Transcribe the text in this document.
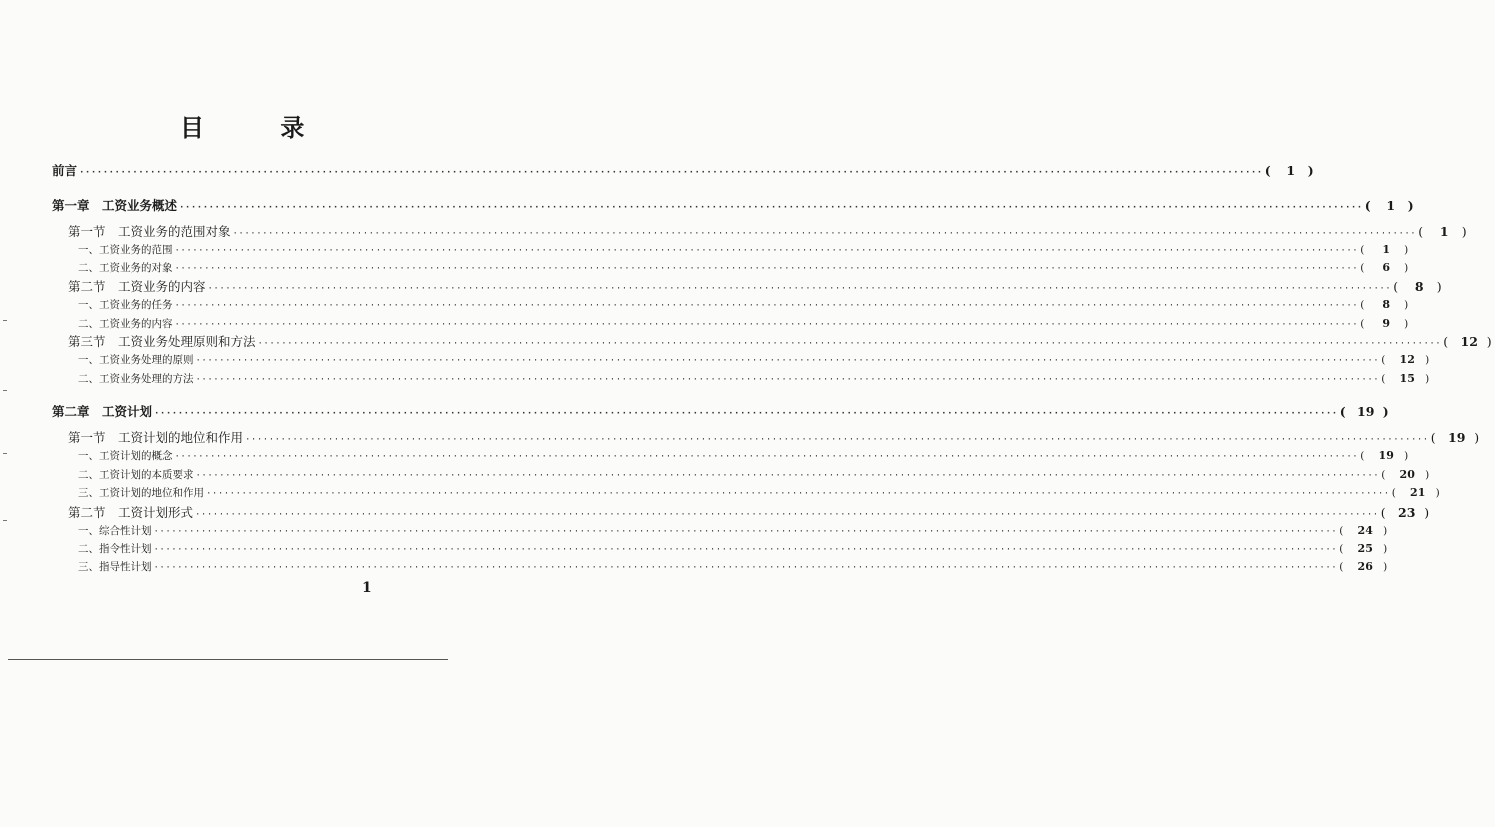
目 录
前言 ········································································································································································································ (	1	)
第一章　工资业务概述 ········································································································································································································ (	1	)
第一节　工资业务的范围对象 ········································································································································································································ (	1	)
一、工资业务的范围 ········································································································································································································ (	1	)
二、工资业务的对象 ········································································································································································································ (	6	)
第二节　工资业务的内容 ········································································································································································································ (	8	)
一、工资业务的任务 ········································································································································································································ (	8	)
二、工资业务的内容 ········································································································································································································ (	9	)
第三节　工资业务处理原则和方法 ········································································································································································································ ( 12 )
一、工资业务处理的原则 ········································································································································································································ (	12 )
二、工资业务处理的方法 ········································································································································································································ (	15 )
第二章　工资计划 ········································································································································································································ ( 19 )
第一节　工资计划的地位和作用 ········································································································································································································ ( 19 )
一、工资计划的概念 ········································································································································································································ (	19 )
二、工资计划的本质要求 ········································································································································································································ (	20 )
三、工资计划的地位和作用 ········································································································································································································ (	21 )
第二节　工资计划形式 ········································································································································································································ ( 23 )
一、综合性计划 ········································································································································································································ (	24 )
二、指令性计划 ········································································································································································································ (	25 )
三、指导性计划 ········································································································································································································ (	26 )
1
